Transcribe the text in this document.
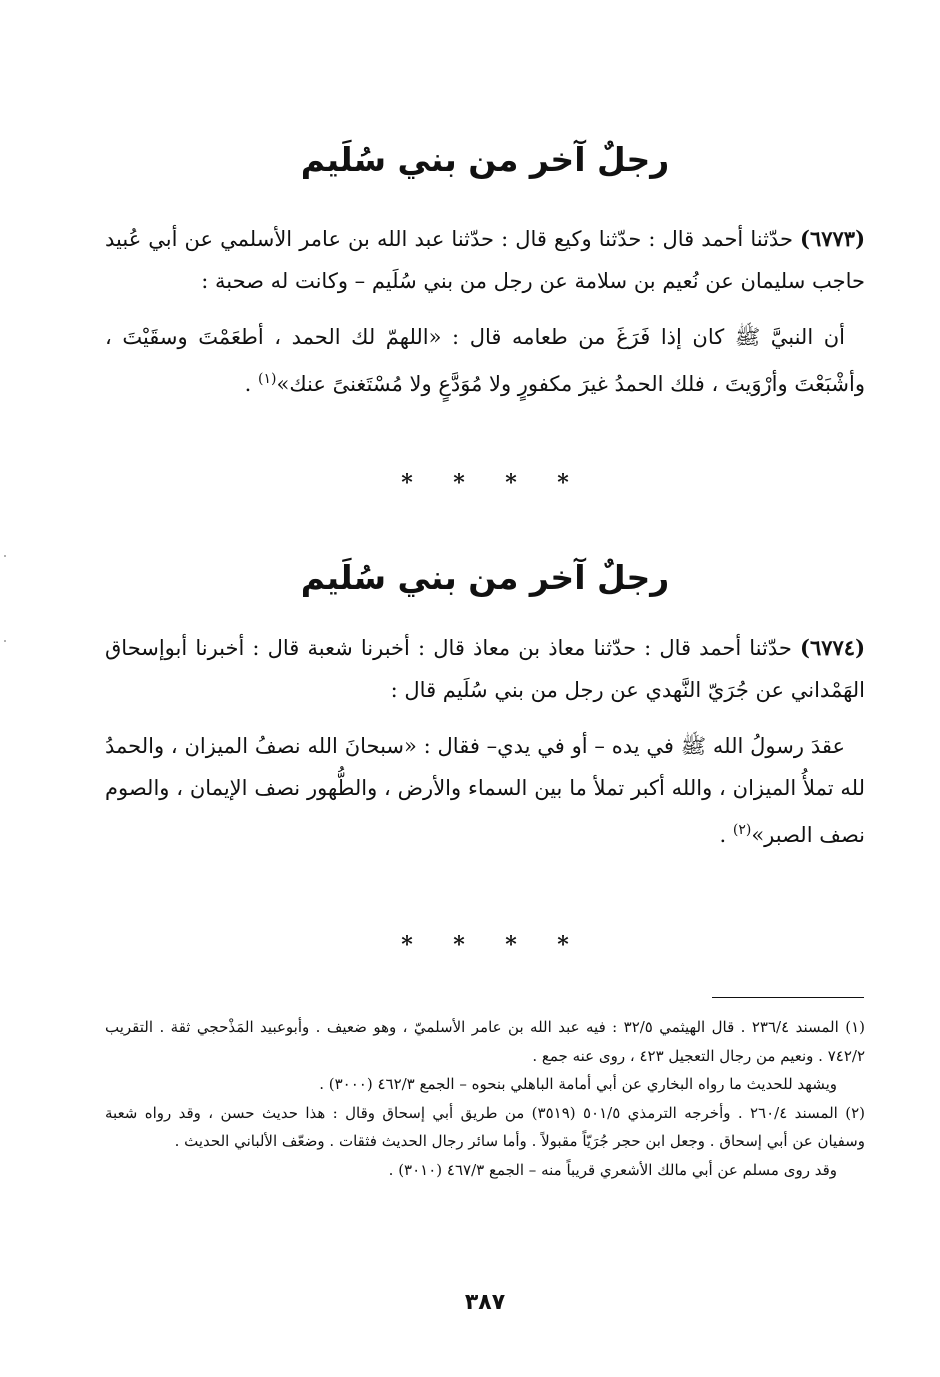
رجلٌ آخر من بني سُلَيم

(٦٧٧٣) حدّثنا أحمد قال : حدّثنا وكيع قال : حدّثنا عبد الله بن عامر الأسلمي عن أبي عُبيد حاجب سليمان عن نُعيم بن سلامة عن رجل من بني سُلَيم – وكانت له صحبة :

أن النبيَّ ﷺ كان إذا فَرَغَ من طعامه قال : «اللهمّ لك الحمد ، أطعَمْتَ وسقَيْتَ ، وأشْبَعْتَ وأرْوَيتَ ، فلك الحمدُ غيرَ مكفورٍ ولا مُوَدَّعٍ ولا مُسْتَغنىً عنك»$^{(١)}$ .

* * * *
رجلٌ آخر من بني سُلَيم

(٦٧٧٤) حدّثنا أحمد قال : حدّثنا معاذ بن معاذ قال : أخبرنا شعبة قال : أخبرنا أبوإسحاق الهَمْداني عن جُرَيّ النَّهدي عن رجل من بني سُلَيم قال :

عقدَ رسولُ الله ﷺ في يده – أو في يدي– فقال : «سبحانَ الله نصفُ الميزان ، والحمدُ لله تملأُ الميزان ، والله أكبر تملأ ما بين السماء والأرض ، والطُّهور نصف الإيمان ، والصوم نصف الصبر»$^{(٢)}$ .

* * * *

(١) المسند ٢٣٦/٤ . قال الهيثمي ٣٢/٥ : فيه عبد الله بن عامر الأسلميّ ، وهو ضعيف . وأبوعبيد المَذْحجي ثقة . التقريب ٧٤٢/٢ . ونعيم من رجال التعجيل ٤٢٣ ، روى عنه جمع .

ويشهد للحديث ما رواه البخاري عن أبي أمامة الباهلي بنحوه – الجمع ٤٦٢/٣ (٣٠٠٠) .

(٢) المسند ٢٦٠/٤ . وأخرجه الترمذي ٥٠١/٥ (٣٥١٩) من طريق أبي إسحاق وقال : هذا حديث حسن ، وقد رواه شعبة وسفيان عن أبي إسحاق . وجعل ابن حجر جُرَيّاً مقبولاً . وأما سائر رجال الحديث فثقات . وضعّف الألباني الحديث .

وقد روى مسلم عن أبي مالك الأشعري قريباً منه – الجمع ٤٦٧/٣ (٣٠١٠) .

٣٨٧
